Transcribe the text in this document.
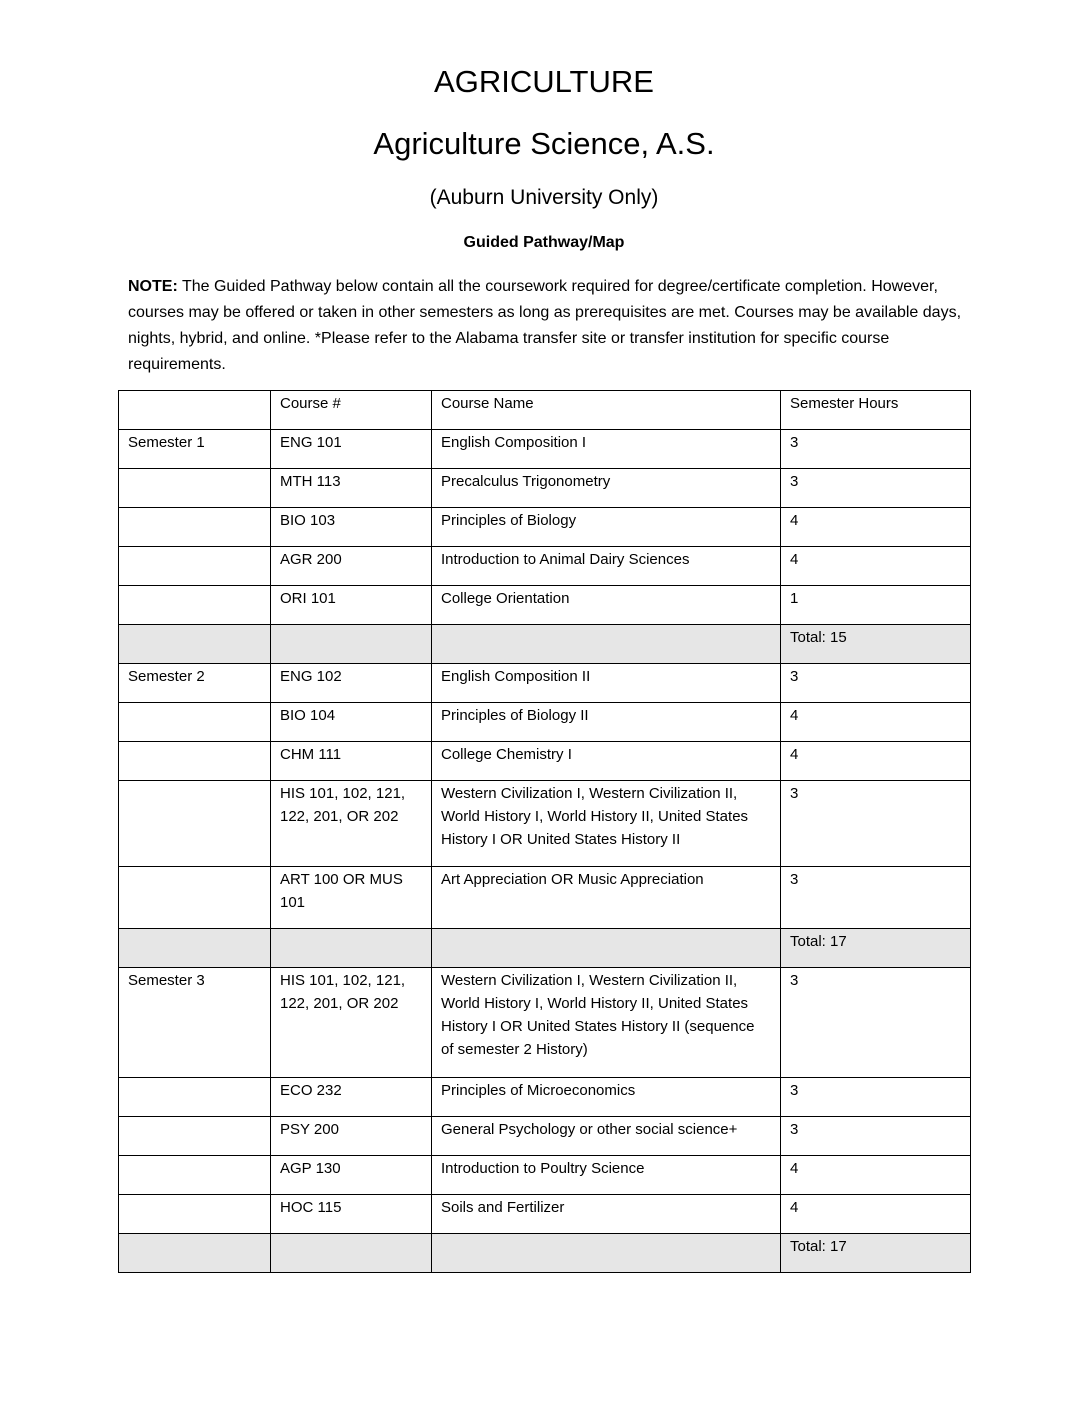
AGRICULTURE
Agriculture Science, A.S.
(Auburn University Only)
Guided Pathway/Map

NOTE: The Guided Pathway below contain all the coursework required for degree/certificate completion. However, courses may be offered or taken in other semesters as long as prerequisites are met. Courses may be available days, nights, hybrid, and online. *Please refer to the Alabama transfer site or transfer institution for specific course requirements.

	Course #	Course Name	Semester Hours
Semester 1	ENG 101	English Composition I	3
	MTH 113	Precalculus Trigonometry	3
	BIO 103	Principles of Biology	4
	AGR 200	Introduction to Animal Dairy Sciences	4
	ORI 101	College Orientation	1
			Total: 15
Semester 2	ENG 102	English Composition II	3
	BIO 104	Principles of Biology II	4
	CHM 111	College Chemistry I	4
	HIS 101, 102, 121, 122, 201, OR 202	Western Civilization I, Western Civilization II, World History I, World History II, United States History I OR United States History II	3
	ART 100 OR MUS 101	Art Appreciation OR Music Appreciation	3
			Total: 17
Semester 3	HIS 101, 102, 121, 122, 201, OR 202	Western Civilization I, Western Civilization II, World History I, World History II, United States History I OR United States History II (sequence of semester 2 History)	3
	ECO 232	Principles of Microeconomics	3
	PSY 200	General Psychology or other social science+	3
	AGP 130	Introduction to Poultry Science	4
	HOC 115	Soils and Fertilizer	4
			Total: 17
